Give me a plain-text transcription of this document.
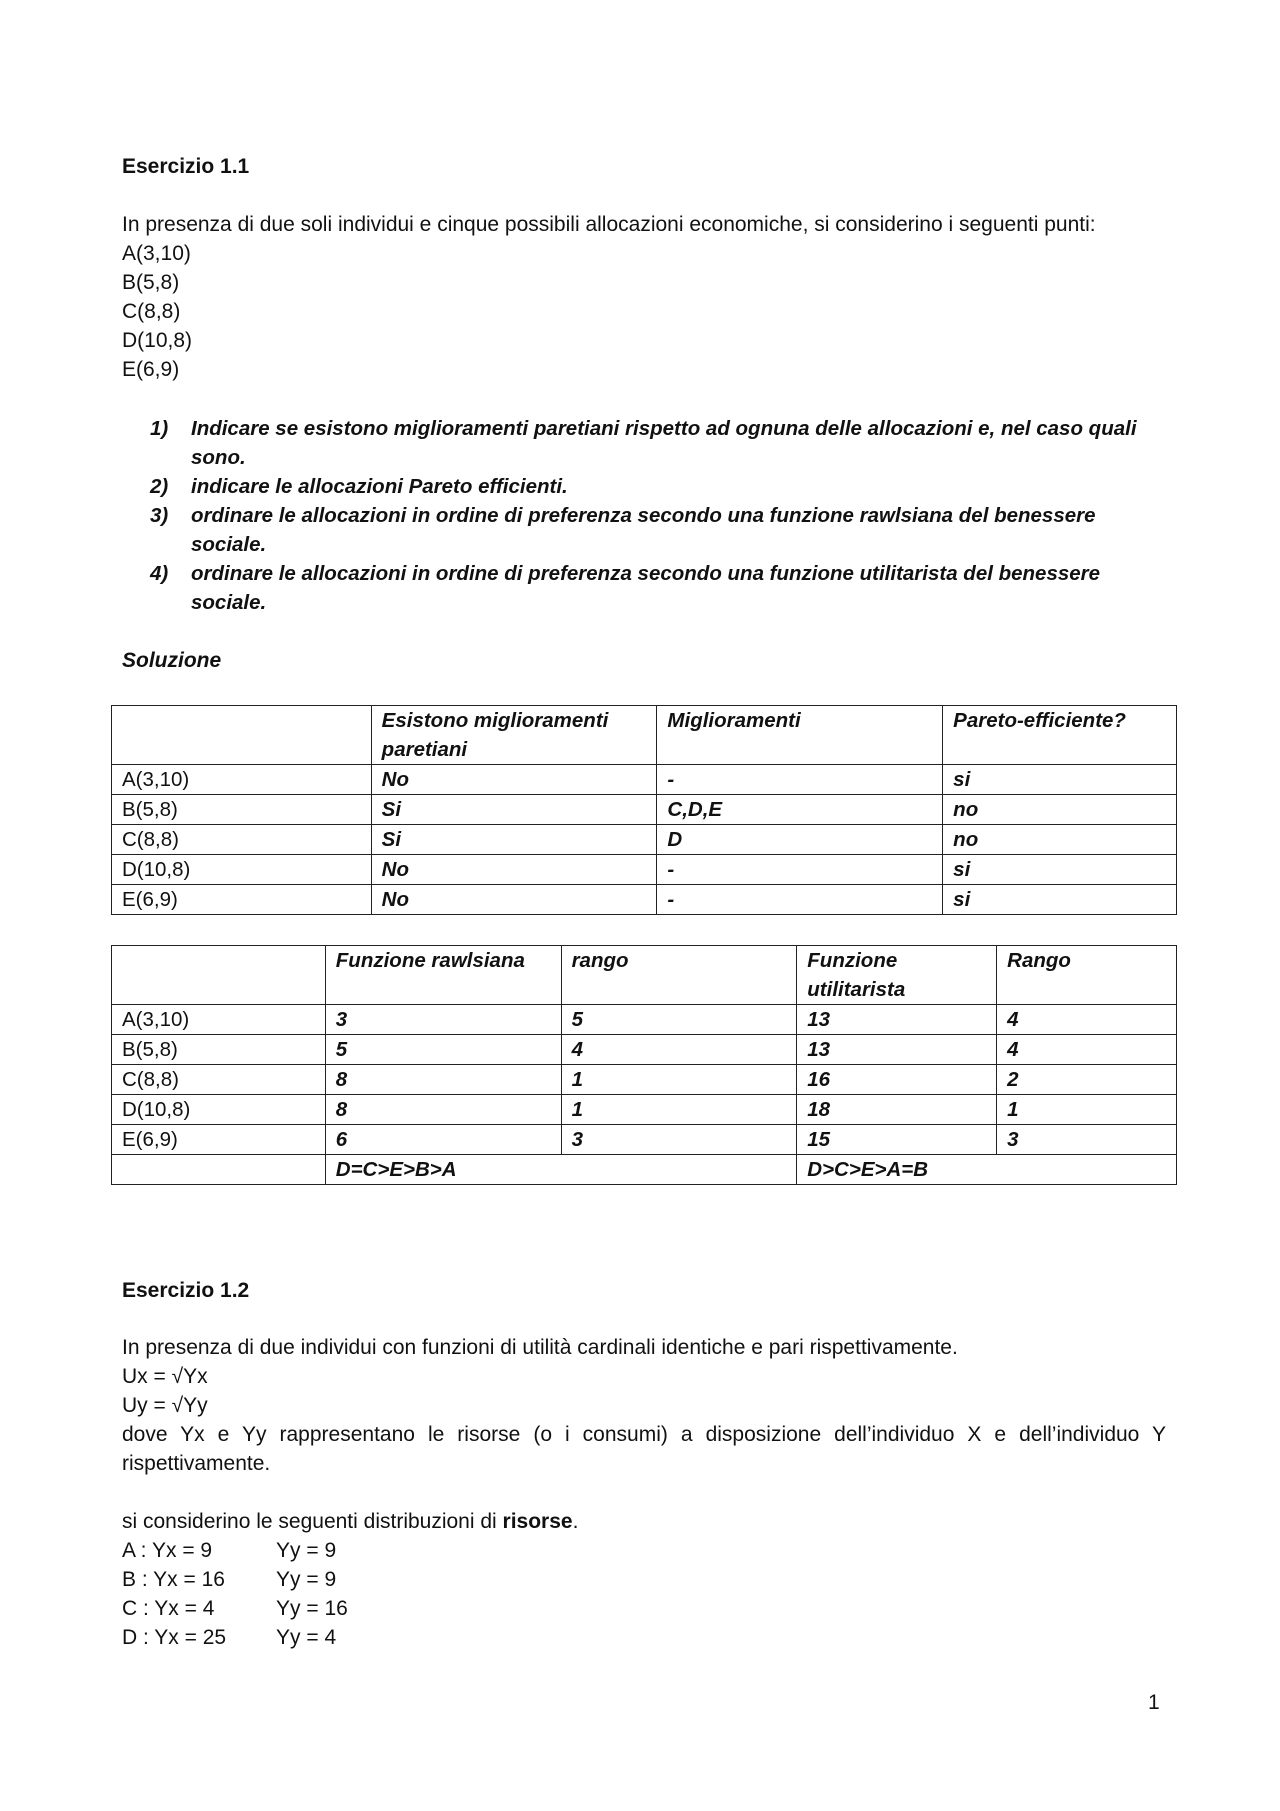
Esercizio 1.1
In presenza di due soli individui e cinque possibili allocazioni economiche, si considerino i seguenti punti:
A(3,10)
B(5,8)
C(8,8)
D(10,8)
E(6,9)
1)	Indicare se esistono miglioramenti paretiani rispetto ad ognuna delle allocazioni e, nel caso quali sono.
2)	indicare le allocazioni Pareto efficienti.
3)	ordinare le allocazioni in ordine di preferenza secondo una funzione rawlsiana del benessere sociale.
4)	ordinare le allocazioni in ordine di preferenza secondo una funzione utilitarista del benessere sociale.
Soluzione
	Esistono miglioramenti paretiani	Miglioramenti	Pareto-efficiente?
A(3,10)	No	-	si
B(5,8)	Si	C,D,E	no
C(8,8)	Si	D	no
D(10,8)	No	-	si
E(6,9)	No	-	si
	Funzione rawlsiana	rango	Funzione utilitarista	Rango
A(3,10)	3	5	13	4
B(5,8)	5	4	13	4
C(8,8)	8	1	16	2
D(10,8)	8	1	18	1
E(6,9)	6	3	15	3
	D=C>E>B>A		D>C>E>A=B	
Esercizio 1.2
In presenza di due individui con funzioni di utilità cardinali identiche e pari rispettivamente.
Ux = √Yx
Uy = √Yy
dove Yx e Yy rappresentano le risorse (o i consumi) a disposizione dell’individuo X e dell’individuo Y rispettivamente.
si considerino le seguenti distribuzioni di risorse.
A : Yx = 9	Yy = 9
B : Yx = 16 Yy = 9
C : Yx = 4	Yy = 16
D : Yx = 25 Yy = 4
1
